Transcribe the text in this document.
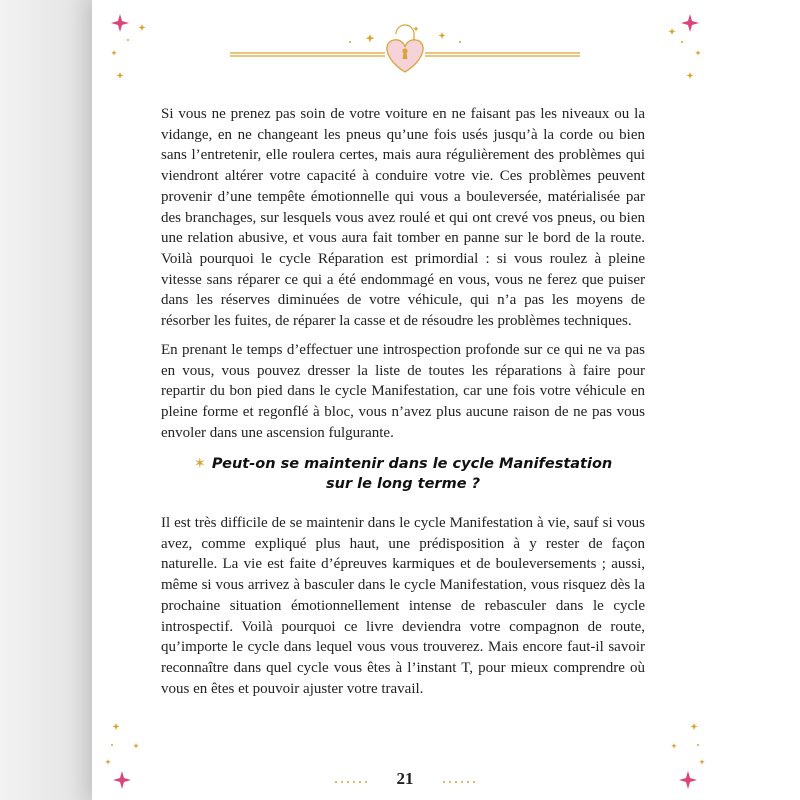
Si vous ne prenez pas soin de votre voiture en ne faisant pas les niveaux ou la vidange, en ne changeant les pneus qu’une fois usés jusqu’à la corde ou bien sans l’entretenir, elle roulera certes, mais aura régulièrement des problèmes qui viendront altérer votre capacité à conduire votre vie. Ces problèmes peuvent provenir d’une tempête émotionnelle qui vous a bouleversée, matérialisée par des branchages, sur lesquels vous avez roulé et qui ont crevé vos pneus, ou bien une relation abusive, et vous aura fait tomber en panne sur le bord de la route. Voilà pourquoi le cycle Réparation est primordial : si vous roulez à pleine vitesse sans réparer ce qui a été endommagé en vous, vous ne ferez que puiser dans les réserves diminuées de votre véhicule, qui n’a pas les moyens de résorber les fuites, de réparer la casse et de résoudre les problèmes techniques.

En prenant le temps d’effectuer une introspection profonde sur ce qui ne va pas en vous, vous pouvez dresser la liste de toutes les réparations à faire pour repartir du bon pied dans le cycle Manifestation, car une fois votre véhicule en pleine forme et regonflé à bloc, vous n’avez plus aucune raison de ne pas vous envoler dans une ascension fulgurante.

✶ Peut-on se maintenir dans le cycle Manifestation
sur le long terme ?

Il est très difficile de se maintenir dans le cycle Manifestation à vie, sauf si vous avez, comme expliqué plus haut, une prédisposition à y rester de façon naturelle. La vie est faite d’épreuves karmiques et de bouleversements ; aussi, même si vous arrivez à basculer dans le cycle Manifestation, vous risquez dès la prochaine situation émotionnellement intense de rebasculer dans le cycle introspectif. Voilà pourquoi ce livre deviendra votre compagnon de route, qu’importe le cycle dans lequel vous vous trouverez. Mais encore faut-il savoir reconnaître dans quel cycle vous êtes à l’instant T, pour mieux comprendre où vous en êtes et pouvoir ajuster votre travail.

21
